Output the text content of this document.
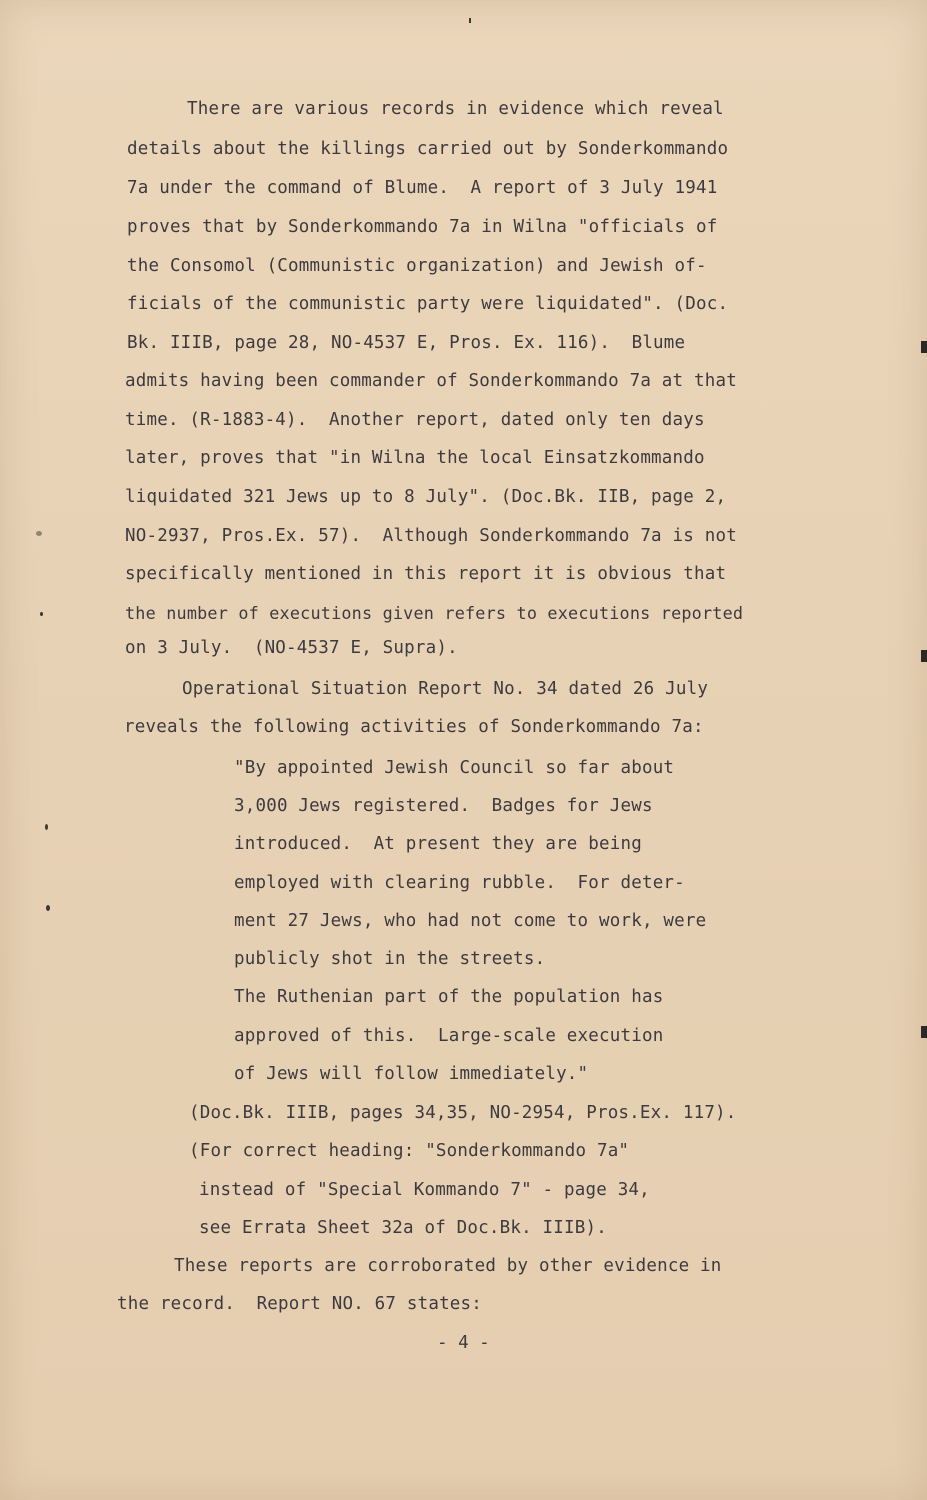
There are various records in evidence which reveal
details about the killings carried out by Sonderkommando
7a under the command of Blume.  A report of 3 July 1941
proves that by Sonderkommando 7a in Wilna "officials of
the Consomol (Communistic organization) and Jewish of-
ficials of the communistic party were liquidated". (Doc.
Bk. IIIB, page 28, NO-4537 E, Pros. Ex. 116).  Blume
admits having been commander of Sonderkommando 7a at that
time. (R-1883-4).  Another report, dated only ten days
later, proves that "in Wilna the local Einsatzkommando
liquidated 321 Jews up to 8 July". (Doc.Bk. IIB, page 2,
NO-2937, Pros.Ex. 57).  Although Sonderkommando 7a is not
specifically mentioned in this report it is obvious that
the number of executions given refers to executions reported
on 3 July.  (NO-4537 E, Supra).
Operational Situation Report No. 34 dated 26 July
reveals the following activities of Sonderkommando 7a:
"By appointed Jewish Council so far about
3,000 Jews registered.  Badges for Jews
introduced.  At present they are being
employed with clearing rubble.  For deter-
ment 27 Jews, who had not come to work, were
publicly shot in the streets.
The Ruthenian part of the population has
approved of this.  Large-scale execution
of Jews will follow immediately."
(Doc.Bk. IIIB, pages 34,35, NO-2954, Pros.Ex. 117).
(For correct heading: "Sonderkommando 7a"
instead of "Special Kommando 7" - page 34,
see Errata Sheet 32a of Doc.Bk. IIIB).
These reports are corroborated by other evidence in
the record.  Report NO. 67 states:
- 4 -
